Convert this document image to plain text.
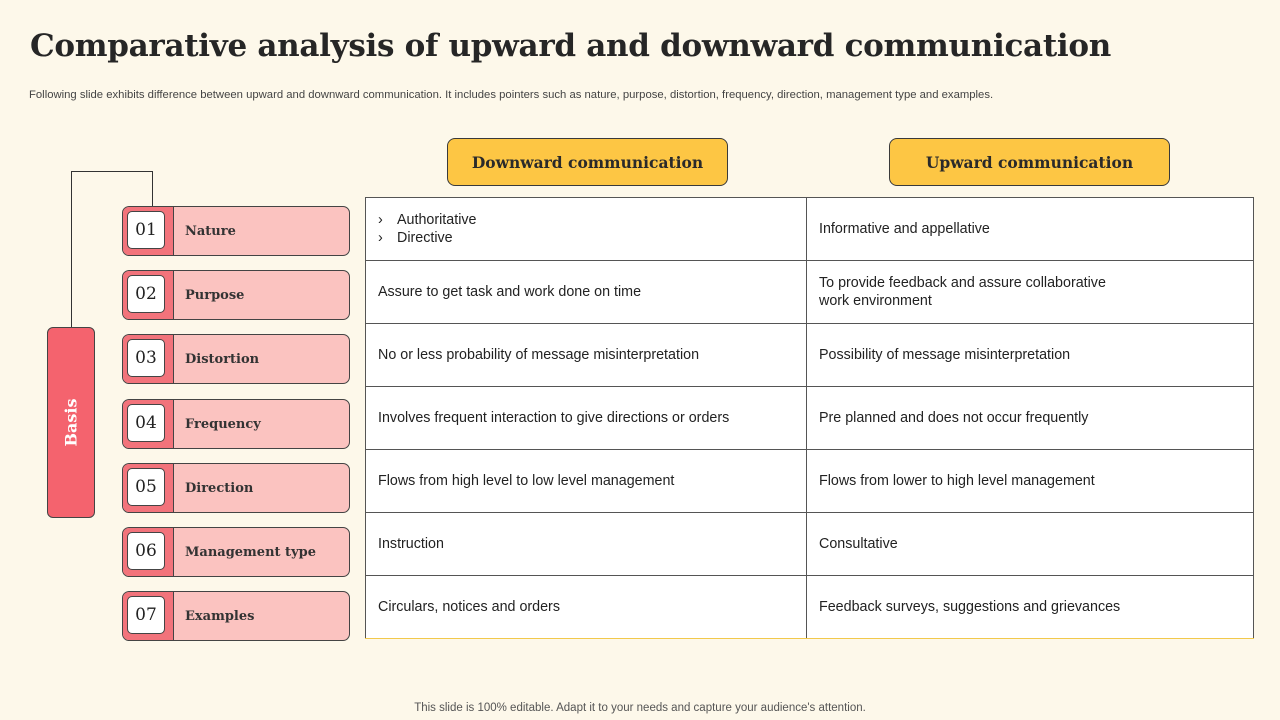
Comparative analysis of upward and downward communication
Following slide exhibits difference between upward and downward communication. It includes pointers such as nature, purpose, distortion, frequency, direction, management type and examples.
Downward communication	Upward communication
Basis
01	Nature
02	Purpose
03	Distortion
04	Frequency
05	Direction
06	Management type
07	Examples
› Authoritative
› Directive	Informative and appellative
Assure to get task and work done on time	To provide feedback and assure collaborative work environment
No or less probability of message misinterpretation	Possibility of message misinterpretation
Involves frequent interaction to give directions or orders	Pre planned and does not occur frequently
Flows from high level to low level management	Flows from lower to high level management
Instruction	Consultative
Circulars, notices and orders	Feedback surveys, suggestions and grievances
This slide is 100% editable. Adapt it to your needs and capture your audience's attention.
